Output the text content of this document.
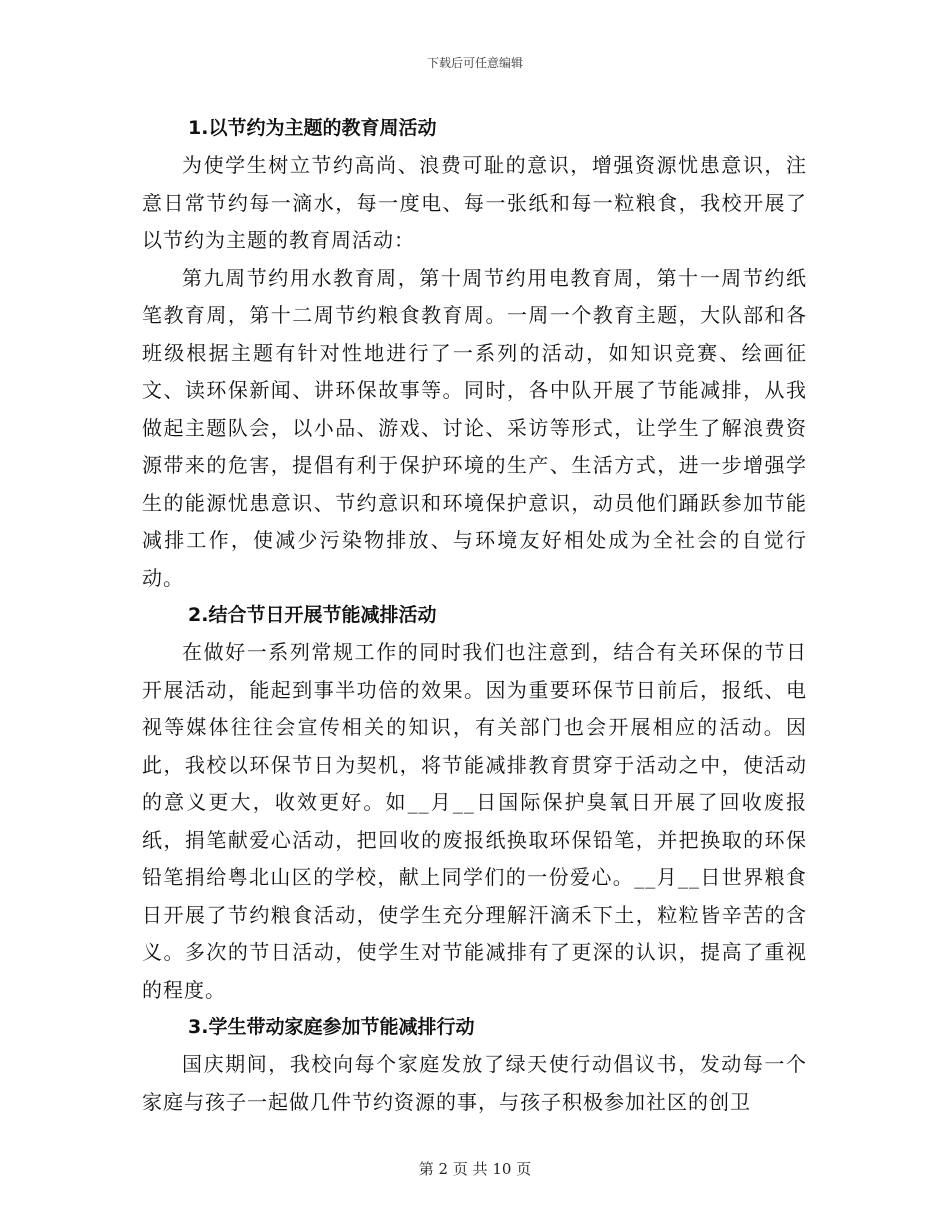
下载后可任意编辑
1.以节约为主题的教育周活动

为使学生树立节约高尚、浪费可耻的意识，增强资源忧患意识，注意日常节约每一滴水，每一度电、每一张纸和每一粒粮食，我校开展了以节约为主题的教育周活动：

第九周节约用水教育周，第十周节约用电教育周，第十一周节约纸笔教育周，第十二周节约粮食教育周。一周一个教育主题，大队部和各班级根据主题有针对性地进行了一系列的活动，如知识竞赛、绘画征文、读环保新闻、讲环保故事等。同时，各中队开展了节能减排，从我做起主题队会，以小品、游戏、讨论、采访等形式，让学生了解浪费资源带来的危害，提倡有利于保护环境的生产、生活方式，进一步增强学生的能源忧患意识、节约意识和环境保护意识，动员他们踊跃参加节能减排工作，使减少污染物排放、与环境友好相处成为全社会的自觉行动。

2.结合节日开展节能减排活动

在做好一系列常规工作的同时我们也注意到，结合有关环保的节日开展活动，能起到事半功倍的效果。因为重要环保节日前后，报纸、电视等媒体往往会宣传相关的知识，有关部门也会开展相应的活动。因此，我校以环保节日为契机，将节能减排教育贯穿于活动之中，使活动的意义更大，收效更好。如__月__日国际保护臭氧日开展了回收废报纸，捐笔献爱心活动，把回收的废报纸换取环保铅笔，并把换取的环保铅笔捐给粤北山区的学校，献上同学们的一份爱心。__月__日世界粮食日开展了节约粮食活动，使学生充分理解汗滴禾下土，粒粒皆辛苦的含义。多次的节日活动，使学生对节能减排有了更深的认识，提高了重视的程度。

3.学生带动家庭参加节能减排行动

国庆期间，我校向每个家庭发放了绿天使行动倡议书，发动每一个家庭与孩子一起做几件节约资源的事，与孩子积极参加社区的创卫

第 2 页 共 10 页
